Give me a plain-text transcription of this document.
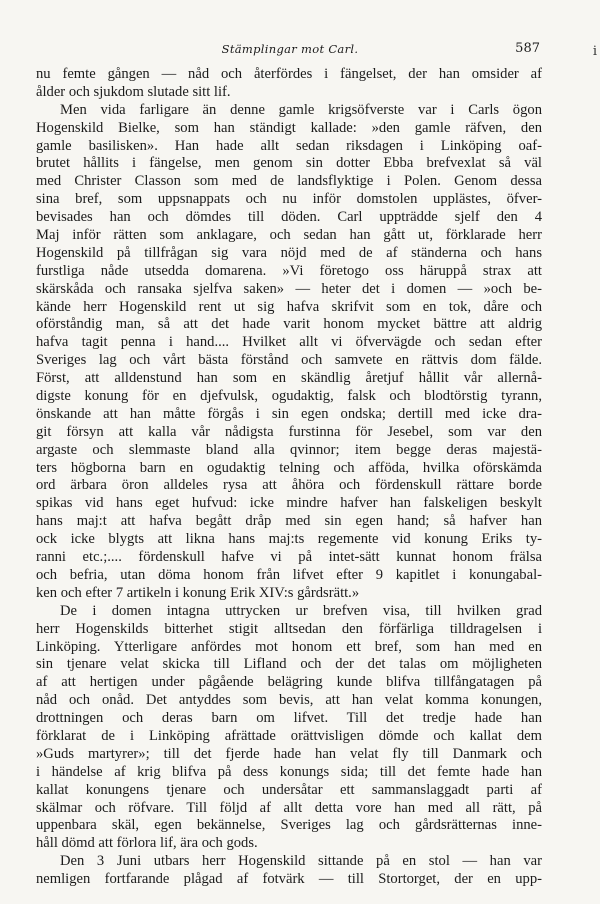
Stämplingar mot Carl.	587	i
nu femte gången — nåd och återfördes i fängelset, der han omsider af
ålder och sjukdom slutade sitt lif.
Men vida farligare än denne gamle krigsöfverste var i Carls ögon
Hogenskild Bielke, som han ständigt kallade: »den gamle räfven, den
gamle basilisken». Han hade allt sedan riksdagen i Linköping oaf-
brutet hållits i fängelse, men genom sin dotter Ebba brefvexlat så väl
med Christer Classon som med de landsflyktige i Polen. Genom dessa
sina bref, som uppsnappats och nu inför domstolen upplästes, öfver-
bevisades han och dömdes till döden. Carl uppträdde sjelf den 4
Maj inför rätten som anklagare, och sedan han gått ut, förklarade herr
Hogenskild på tillfrågan sig vara nöjd med de af ständerna och hans
furstliga nåde utsedda domarena. »Vi företogo oss häruppå strax att
skärskåda och ransaka sjelfva saken» — heter det i domen — »och be-
kände herr Hogenskild rent ut sig hafva skrifvit som en tok, dåre och
oförståndig man, så att det hade varit honom mycket bättre att aldrig
hafva tagit penna i hand.... Hvilket allt vi öfvervägde och sedan efter
Sveriges lag och vårt bästa förstånd och samvete en rättvis dom fälde.
Först, att alldenstund han som en skändlig åretjuf hållit vår allernå-
digste konung för en djefvulsk, ogudaktig, falsk och blodtörstig tyrann,
önskande att han måtte förgås i sin egen ondska; dertill med icke dra-
git försyn att kalla vår nådigsta furstinna för Jesebel, som var den
argaste och slemmaste bland alla qvinnor; item begge deras majestä-
ters högborna barn en ogudaktig telning och afföda, hvilka oförskämda
ord ärbara öron alldeles rysa att åhöra och fördenskull rättare borde
spikas vid hans eget hufvud: icke mindre hafver han falskeligen beskylt
hans maj:t att hafva begått dråp med sin egen hand; så hafver han
ock icke blygts att likna hans maj:ts regemente vid konung Eriks ty-
ranni etc.;.... fördenskull hafve vi på intet-sätt kunnat honom frälsa
och befria, utan döma honom från lifvet efter 9 kapitlet i konungabal-
ken och efter 7 artikeln i konung Erik XIV:s gårdsrätt.»
De i domen intagna uttrycken ur brefven visa, till hvilken grad
herr Hogenskilds bitterhet stigit alltsedan den förfärliga tilldragelsen i
Linköping. Ytterligare anfördes mot honom ett bref, som han med en
sin tjenare velat skicka till Lifland och der det talas om möjligheten
af att hertigen under pågående belägring kunde blifva tillfångatagen på
nåd och onåd. Det antyddes som bevis, att han velat komma konungen,
drottningen och deras barn om lifvet. Till det tredje hade han
förklarat de i Linköping afrättade orättvisligen dömde och kallat dem
»Guds martyrer»; till det fjerde hade han velat fly till Danmark och
i händelse af krig blifva på dess konungs sida; till det femte hade han
kallat konungens tjenare och undersåtar ett sammanslaggadt parti af
skälmar och röfvare. Till följd af allt detta vore han med all rätt, på
uppenbara skäl, egen bekännelse, Sveriges lag och gårdsrätternas inne-
håll dömd att förlora lif, ära och gods.
Den 3 Juni utbars herr Hogenskild sittande på en stol — han var
nemligen fortfarande plågad af fotvärk — till Stortorget, der en upp-
